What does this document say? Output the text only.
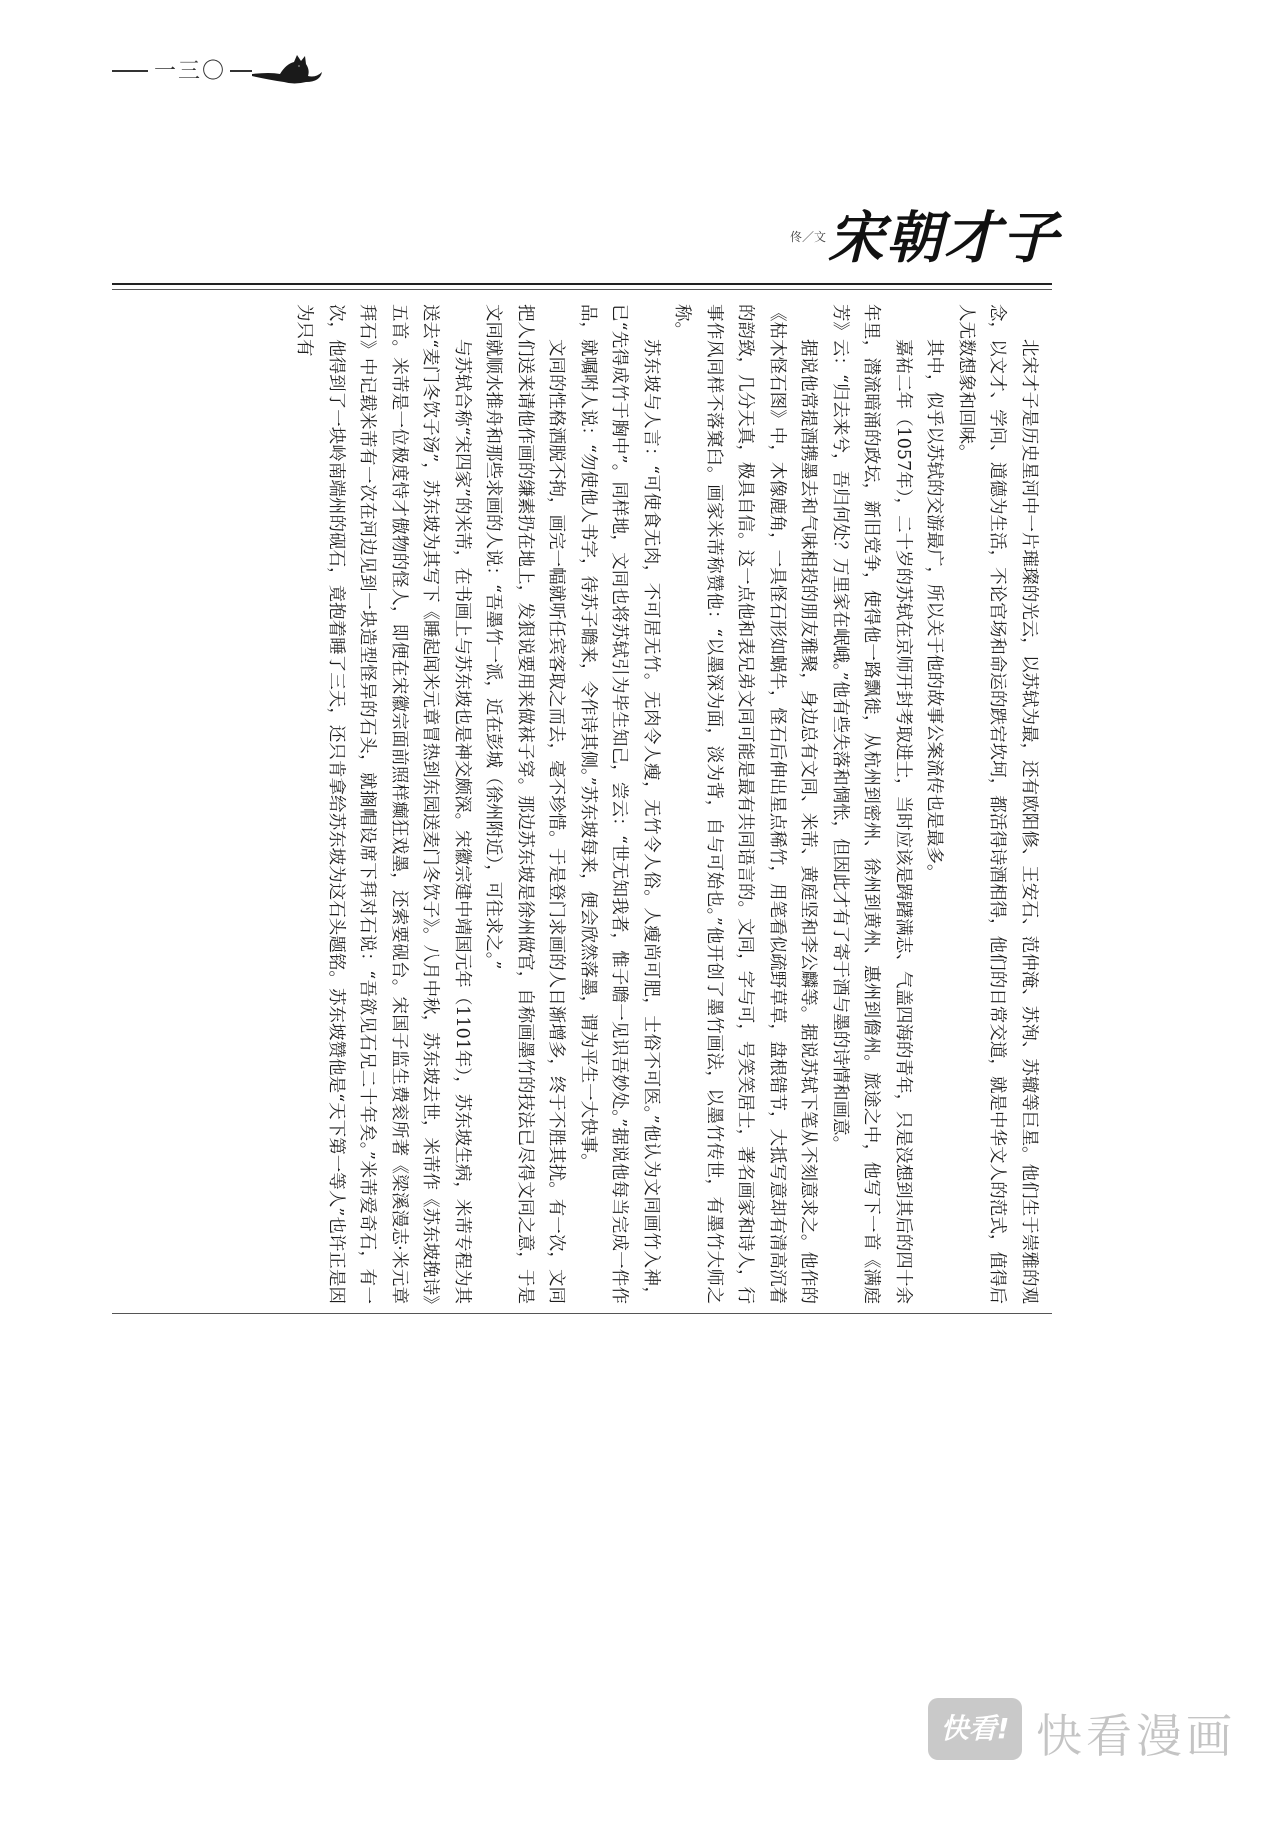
一三〇
宋朝才子
佟／文

北宋才子是历史星河中一片璀璨的光云，以苏轼为最，还有欧阳修、王安石、范仲淹、苏洵、苏辙等巨星。他们生于崇雅的观念，以文才、学问、道德为生活，不论官场和命运的跌宕坎坷，都活得诗酒相得，他们的日常交道，就是中华文人的范式，值得后人无数想象和回味。

其中，似乎以苏轼的交游最广，所以关于他的故事公案流传也是最多。

嘉祐二年（1057年），二十岁的苏轼在京师开封考取进士，当时应该是踌躇满志、气盖四海的青年，只是没想到其后的四十余年里，潜流暗涌的政坛，新旧党争，使得他一路飘徙，从杭州到密州、徐州到黄州、惠州到儋州。旅途之中，他写下一首《满庭芳》云：“归去来兮，吾归何处？万里家在岷峨。”他有些失落和惆怅，但因此才有了寄于酒与墨的诗情和画意。

据说他常提酒携墨去和气味相投的朋友雅聚，身边总有文同、米芾、黄庭坚和李公麟等。据说苏轼下笔从不刻意求之。他作的《枯木怪石图》中，木像鹿角，一具怪石形如蜗牛，怪石后伸出星点稀竹，用笔看似疏野草草，盘根错节，大抵写意却有清高沉着的韵致，几分天真，极具自信。这一点他和表兄弟文同可能是最有共同语言的。文同，字与可，号笑笑居士，著名画家和诗人，行事作风同样不落窠臼。画家米芾称赞他：“以墨深为面，淡为背，自与可始也。”他开创了墨竹画法，以墨竹传世，有墨竹大师之称。

苏东坡与人言：“可使食无肉，不可居无竹。无肉令人瘦，无竹令人俗。人瘦尚可肥，士俗不可医。”他认为文同画竹入神，已“先得成竹于胸中”。同样地，文同也将苏轼引为毕生知己，尝云：“世无知我者，惟子瞻一见识吾妙处。”据说他每当完成一件作品，就嘱咐人说：“勿使他人书字，待苏子瞻来，令作诗其侧。”苏东坡每来，便会欣然落墨，谓为平生一大快事。

文同的性格洒脱不拘，画完一幅就听任宾客取之而去，毫不珍惜。于是登门求画的人日渐增多，终于不胜其扰。有一次，文同把人们送来请他作画的缣素扔在地上，发狠说要用来做袜子穿。那边苏东坡是徐州做官，自称画墨竹的技法已尽得文同之意，于是文同就顺水推舟和那些求画的人说：“吾墨竹一派，近在彭城（徐州附近），可往求之。”

与苏轼合称“宋四家”的米芾，在书画上与苏东坡也是神交颇深。宋徽宗建中靖国元年（1101年），苏东坡生病，米芾专程为其送去“麦门冬饮子汤”，苏东坡为其写下《睡起闻米元章冒热到东园送麦门冬饮子》。八月中秋，苏东坡去世，米芾作《苏东坡挽诗》五首。米芾是一位极度恃才傲物的怪人，即便在宋徽宗面前照样癫狂戏墨，还索要砚台。宋国子监生费衮所著《梁溪漫志·米元章拜石》中记载米芾有一次在河边见到一块造型怪异的石头，就搁帽设席下拜对石说：“吾欲见石兄二十年矣。”米芾爱奇石，有一次，他得到了一块岭南端州的砚石，竟抱着睡了三天，还只肯拿给苏东坡为这石头题铭。苏东坡赞他是“天下第一等人”也许正是因为只有

快看! 快看漫画
